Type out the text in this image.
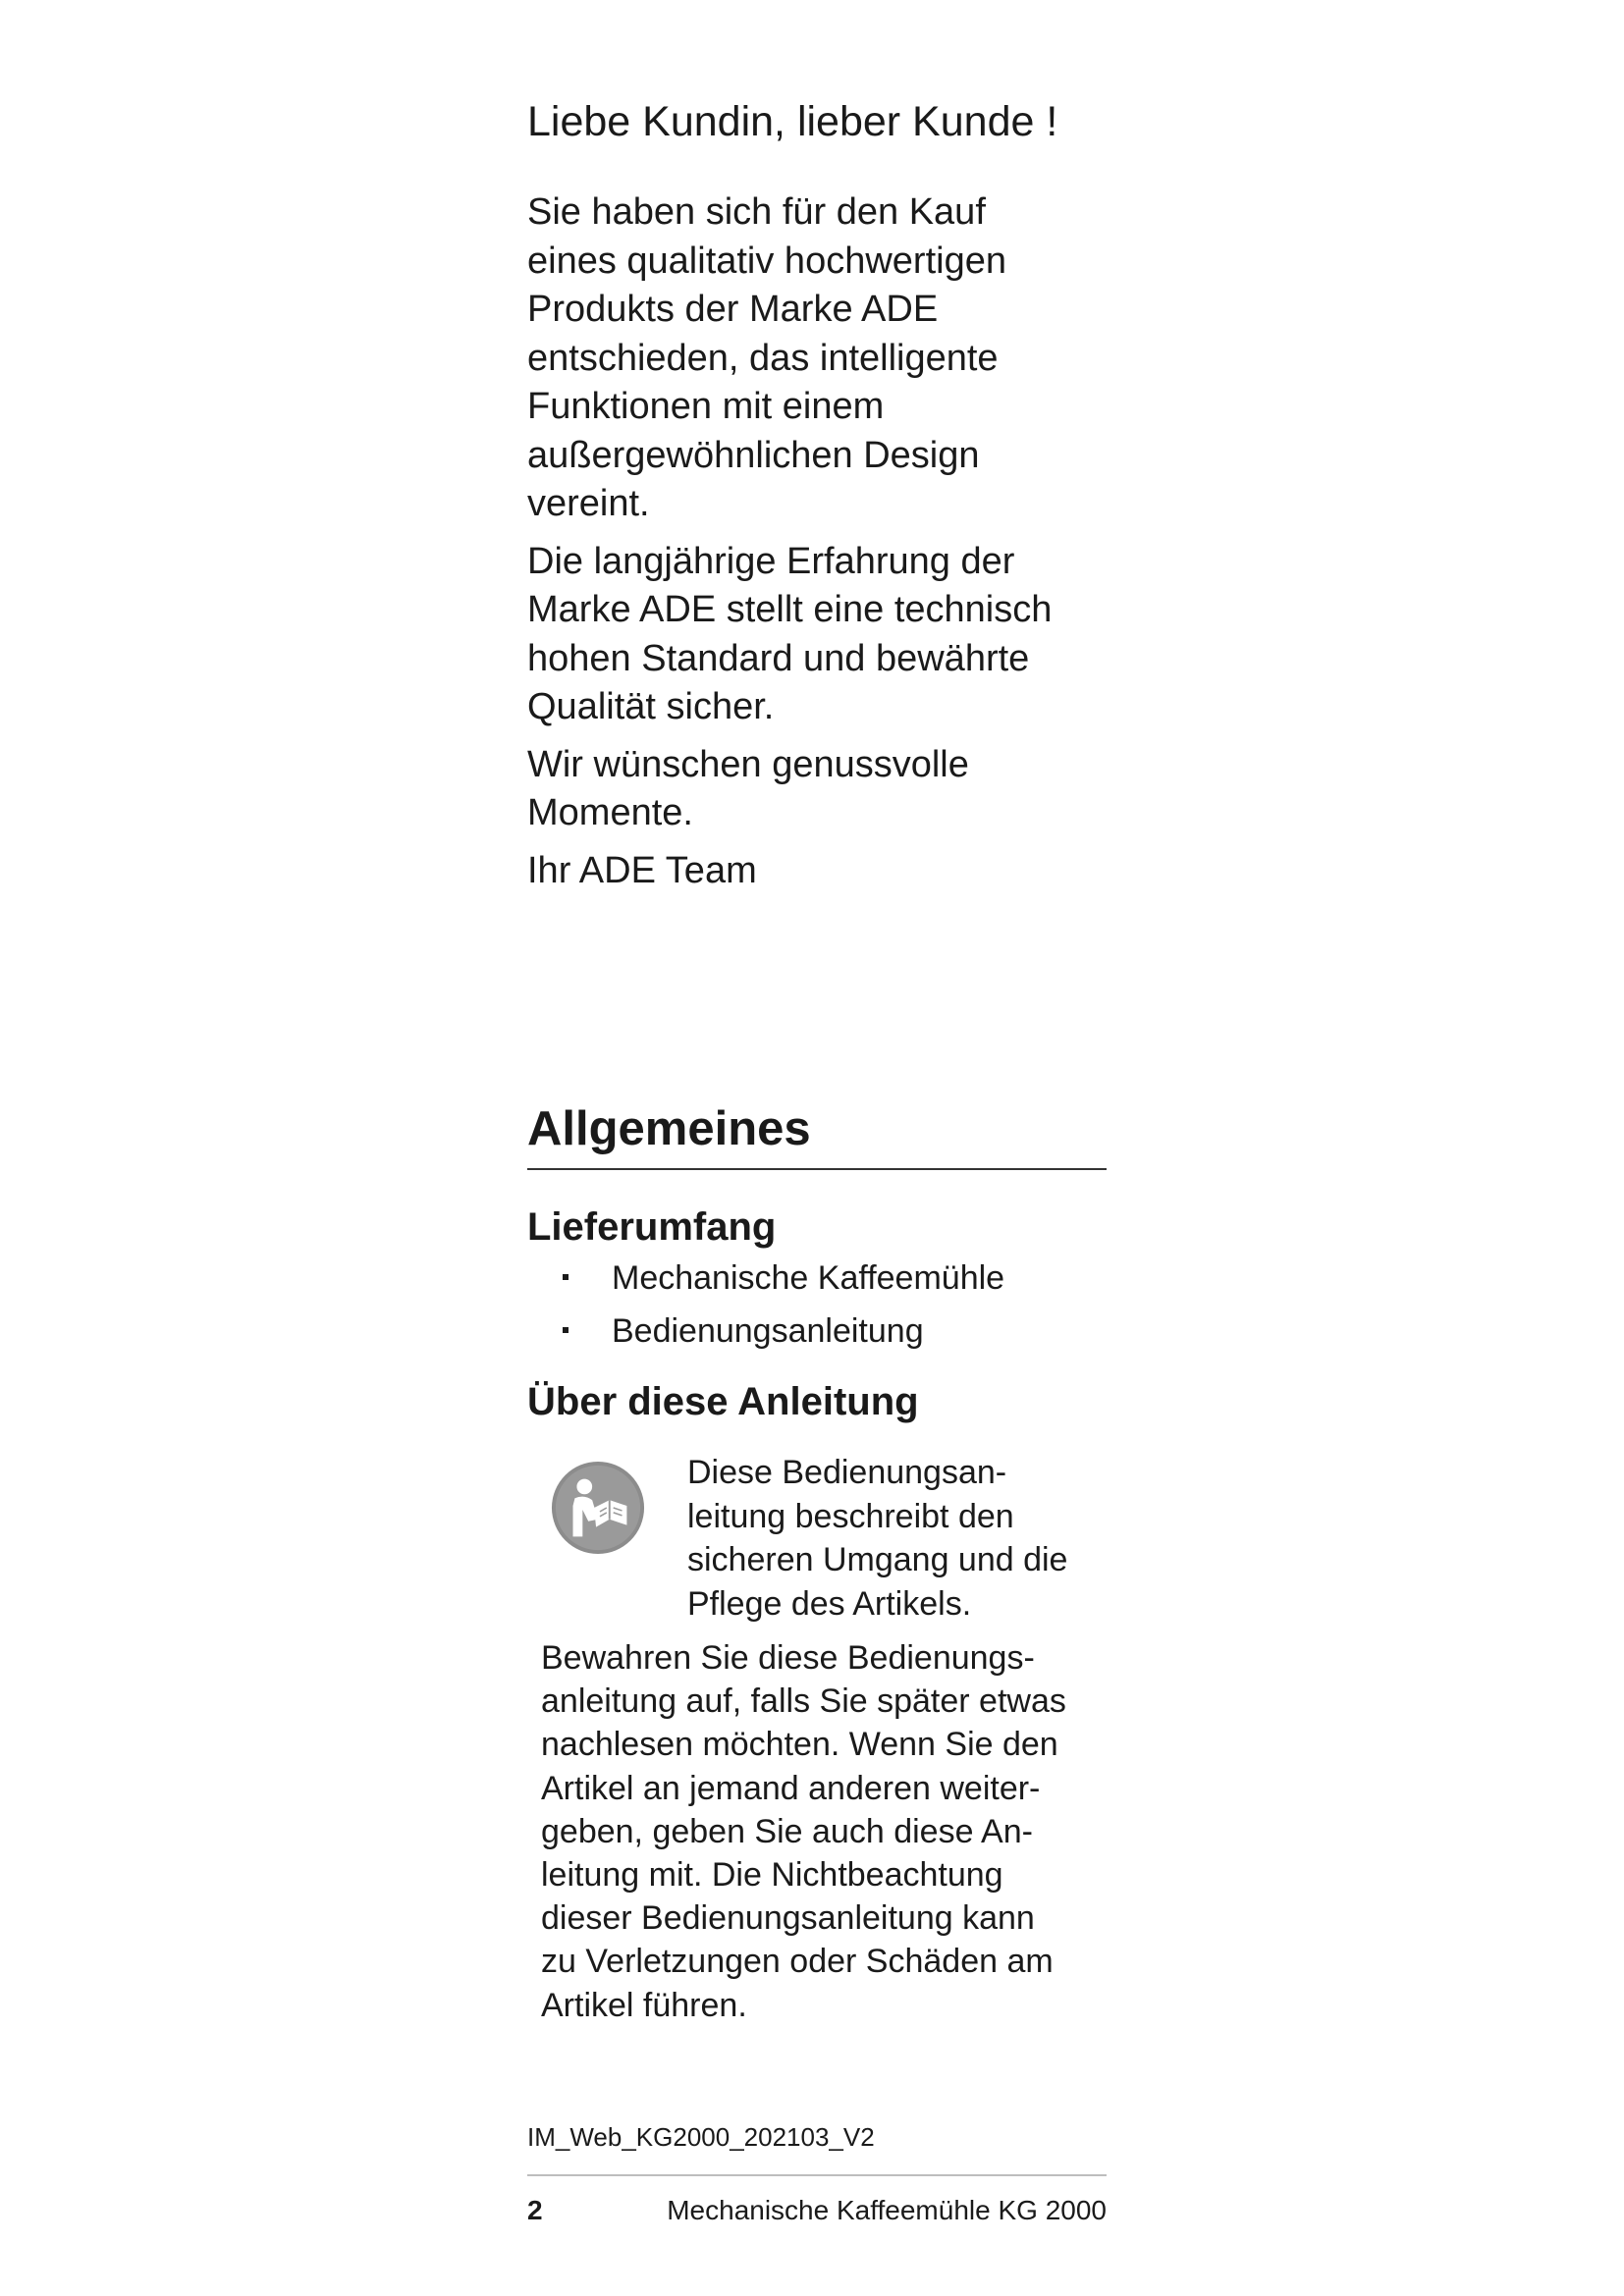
Liebe Kundin, lieber Kunde !

Sie haben sich für den Kauf eines qualitativ hochwertigen Produkts der Marke ADE entschieden, das intelligente Funktionen mit einem außergewöhnlichen Design vereint.

Die langjährige Erfahrung der Marke ADE stellt eine technisch hohen Standard und bewährte Qualität sicher.

Wir wünschen genussvolle Momente.

Ihr ADE Team

Allgemeines
Lieferumfang
Mechanische Kaffeemühle
Bedienungsanleitung
Über diese Anleitung
Diese Bedienungsan-
leitung beschreibt den
sicheren Umgang und die
Pflege des Artikels.
Bewahren Sie diese Bedienungs-
anleitung auf, falls Sie später etwas
nachlesen möchten. Wenn Sie den
Artikel an jemand anderen weiter-
geben, geben Sie auch diese An-
leitung mit. Die Nichtbeachtung
dieser Bedienungsanleitung kann
zu Verletzungen oder Schäden am
Artikel führen.
IM_Web_KG2000_202103_V2
2	Mechanische Kaffeemühle KG 2000
